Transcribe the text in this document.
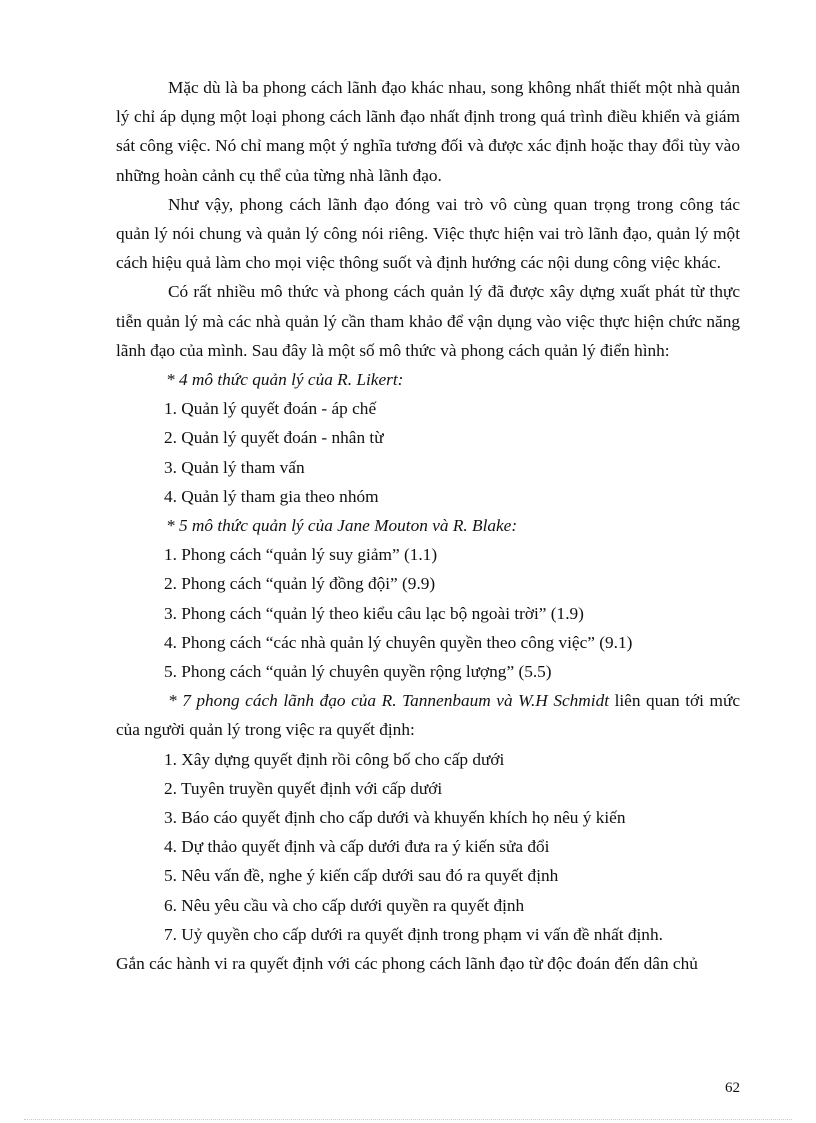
Mặc dù là ba phong cách lãnh đạo khác nhau, song không nhất thiết một nhà quản lý chỉ áp dụng một loại phong cách lãnh đạo nhất định trong quá trình điều khiển và giám sát công việc. Nó chỉ mang một ý nghĩa tương đối và được xác định hoặc thay đổi tùy vào những hoàn cảnh cụ thể của từng nhà lãnh đạo.

Như vậy, phong cách lãnh đạo đóng vai trò vô cùng quan trọng trong công tác quản lý nói chung và quản lý công nói riêng. Việc thực hiện vai trò lãnh đạo, quản lý một cách hiệu quả làm cho mọi việc thông suốt và định hướng các nội dung công việc khác.

Có rất nhiều mô thức và phong cách quản lý đã được xây dựng xuất phát từ thực tiễn quản lý mà các nhà quản lý cần tham khảo để vận dụng vào việc thực hiện chức năng lãnh đạo của mình. Sau đây là một số mô thức và phong cách quản lý điển hình:

* 4 mô thức quản lý của R. Likert:

1. Quản lý quyết đoán - áp chế

2. Quản lý quyết đoán - nhân từ

3. Quản lý tham vấn

4. Quản lý tham gia theo nhóm

* 5 mô thức quản lý của Jane Mouton và R. Blake:

1. Phong cách “quản lý suy giảm” (1.1)

2. Phong cách “quản lý đồng đội” (9.9)

3. Phong cách “quản lý theo kiểu câu lạc bộ ngoài trời” (1.9)

4. Phong cách “các nhà quản lý chuyên quyền theo công việc” (9.1)

5. Phong cách “quản lý chuyên quyền rộng lượng” (5.5)

* 7 phong cách lãnh đạo của R. Tannenbaum và W.H Schmidt liên quan tới mức của người quản lý trong việc ra quyết định:

1. Xây dựng quyết định rồi công bố cho cấp dưới

2. Tuyên truyền quyết định với cấp dưới

3. Báo cáo quyết định cho cấp dưới và khuyến khích họ nêu ý kiến

4. Dự thảo quyết định và cấp dưới đưa ra ý kiến sửa đổi

5. Nêu vấn đề, nghe ý kiến cấp dưới sau đó ra quyết định

6. Nêu yêu cầu và cho cấp dưới quyền ra quyết định

7. Uỷ quyền cho cấp dưới ra quyết định trong phạm vi vấn đề nhất định.

Gắn các hành vi ra quyết định với các phong cách lãnh đạo từ độc đoán đến dân chủ

62
